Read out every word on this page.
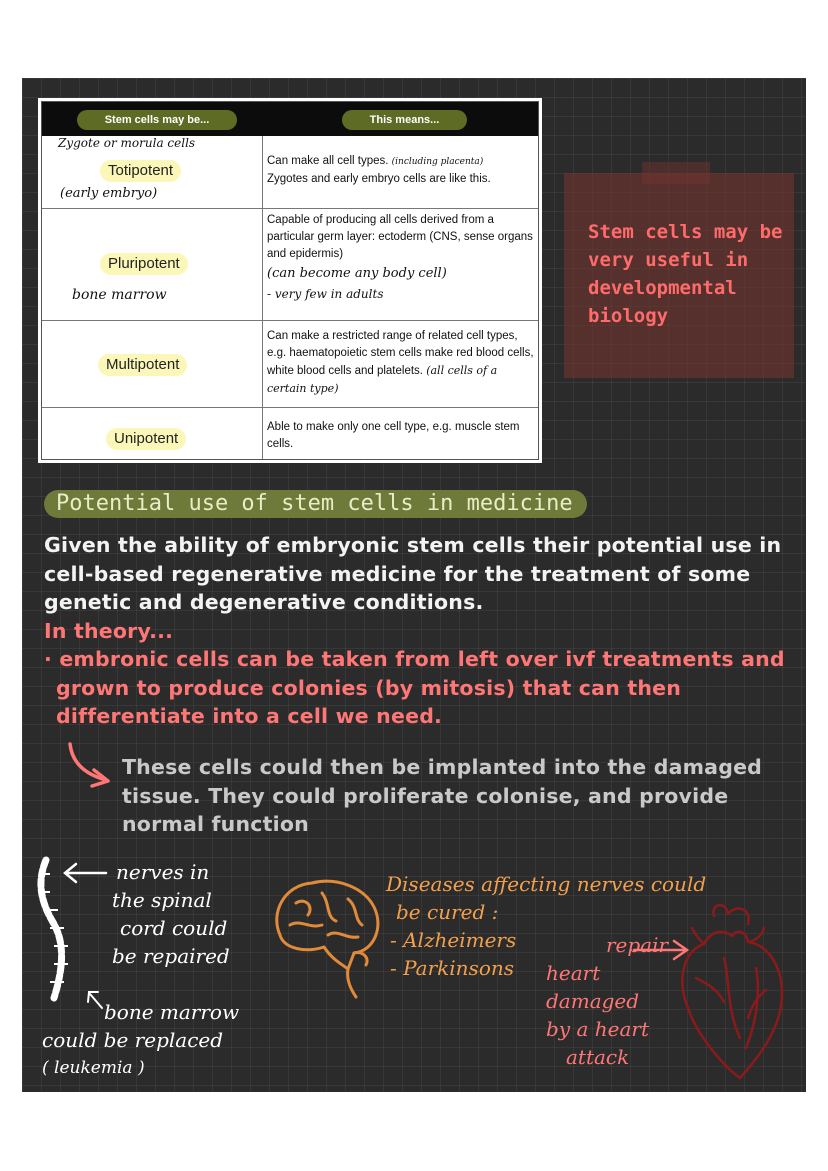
Stem cells may be...	This means...
Zygote or morula cells
Totipotent
(early embryo)
Can make all cell types. (including placenta)
Zygotes and early embryo cells are like this.
Pluripotent
bone marrow
Capable of producing all cells derived from a particular germ layer: ectoderm (CNS, sense organs and epidermis)
(can become any body cell)
- very few in adults
Multipotent
Can make a restricted range of related cell types, e.g. haematopoietic stem cells make red blood cells, white blood cells and platelets. (all cells of a certain type)
Unipotent
Able to make only one cell type, e.g. muscle stem cells.
Stem cells may be very useful in developmental biology
Potential use of stem cells in medicine
Given the ability of embryonic stem cells their potential use in cell-based regenerative medicine for the treatment of some genetic and degenerative conditions.
In theory...
· embronic cells can be taken from left over ivf treatments and
grown to produce colonies (by mitosis) that can then
differentiate into a cell we need.
These cells could then be implanted into the damaged tissue. They could proliferate colonise, and provide normal function
nerves in
the spinal
cord could
be repaired
bone marrow
could be replaced
( leukemia )
Diseases affecting nerves could
be cured :
- Alzheimers
- Parkinsons
repair
heart
damaged
by a heart
attack
